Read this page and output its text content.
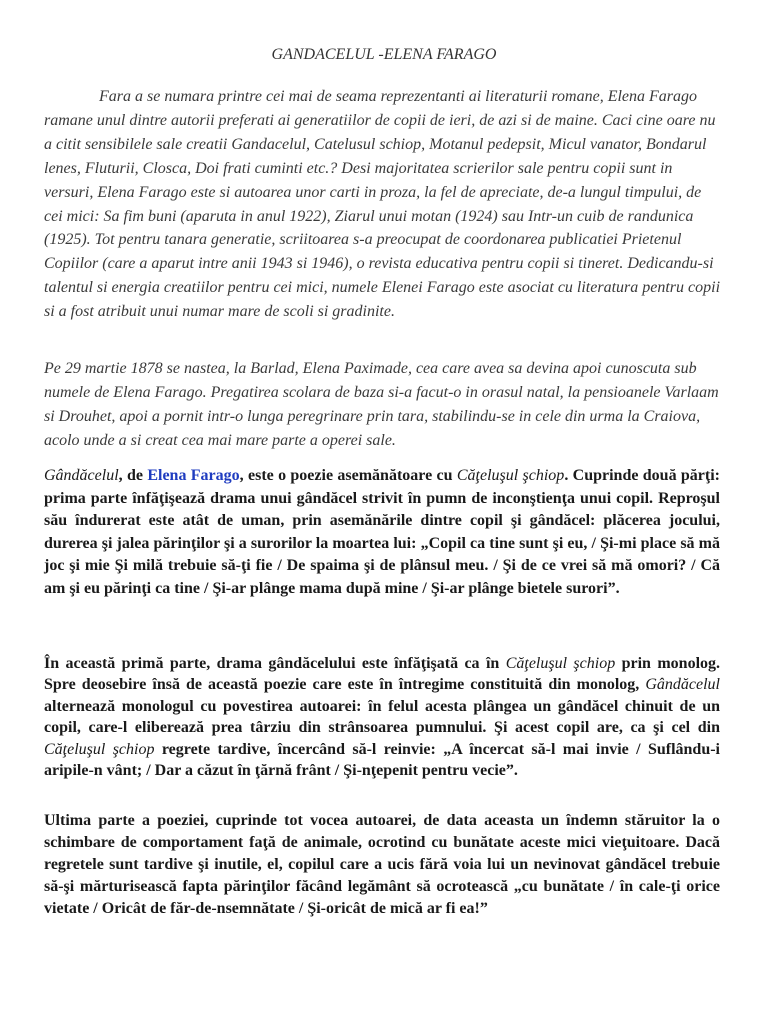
GANDACELUL -ELENA FARAGO

Fara a se numara printre cei mai de seama reprezentanti ai literaturii romane, Elena Farago ramane unul dintre autorii preferati ai generatiilor de copii de ieri, de azi si de maine. Caci cine oare nu a citit sensibilele sale creatii Gandacelul, Catelusul schiop, Motanul pedepsit, Micul vanator, Bondarul lenes, Fluturii, Closca, Doi frati cuminti etc.? Desi majoritatea scrierilor sale pentru copii sunt in versuri, Elena Farago este si autoarea unor carti in proza, la fel de apreciate, de-a lungul timpului, de cei mici: Sa fim buni (aparuta in anul 1922), Ziarul unui motan (1924) sau Intr-un cuib de randunica (1925). Tot pentru tanara generatie, scriitoarea s-a preocupat de coordonarea publicatiei Prietenul Copiilor (care a aparut intre anii 1943 si 1946), o revista educativa pentru copii si tineret. Dedicandu-si talentul si energia creatiilor pentru cei mici, numele Elenei Farago este asociat cu literatura pentru copii si a fost atribuit unui numar mare de scoli si gradinite.

Pe 29 martie 1878 se nastea, la Barlad, Elena Paximade, cea care avea sa devina apoi cunoscuta sub numele de Elena Farago. Pregatirea scolara de baza si-a facut-o in orasul natal, la pensioanele Varlaam si Drouhet, apoi a pornit intr-o lunga peregrinare prin tara, stabilindu-se in cele din urma la Craiova, acolo unde a si creat cea mai mare parte a operei sale.

Gândăcelul, de Elena Farago, este o poezie asemănătoare cu Căţeluşul şchiop. Cuprinde două părţi: prima parte înfăţişează drama unui gândăcel strivit în pumn de inconştienţa unui copil. Reproşul său îndurerat este atât de uman, prin asemănările dintre copil şi gândăcel: plăcerea jocului, durerea şi jalea părinţilor şi a surorilor la moartea lui: „Copil ca tine sunt şi eu, / Şi-mi place să mă joc şi mie Şi milă trebuie să-ţi fie / De spaima şi de plânsul meu. / Şi de ce vrei să mă omori? / Că am şi eu părinţi ca tine / Şi-ar plânge mama după mine / Şi-ar plânge bietele surori”.

În această primă parte, drama gândăcelului este înfăţişată ca în Căţeluşul şchiop prin monolog. Spre deosebire însă de această poezie care este în întregime constituită din monolog, Gândăcelul alternează monologul cu povestirea autoarei: în felul acesta plângea un gândăcel chinuit de un copil, care-l eliberează prea târziu din strânsoarea pumnului. Şi acest copil are, ca şi cel din Căţeluşul şchiop regrete tardive, încercând să-l reinvie: „A încercat să-l mai invie / Suflându-i aripile-n vânt; / Dar a căzut în ţărnă frânt / Şi-nţepenit pentru vecie”.

Ultima parte a poeziei, cuprinde tot vocea autoarei, de data aceasta un îndemn stăruitor la o schimbare de comportament faţă de animale, ocrotind cu bunătate aceste mici vieţuitoare. Dacă regretele sunt tardive şi inutile, el, copilul care a ucis fără voia lui un nevinovat gândăcel trebuie să-şi mărturisească fapta părinţilor făcând legământ să ocrotească „cu bunătate / în cale-ţi orice vietate / Oricât de făr-de-nsemnătate / Şi-oricât de mică ar fi ea!”
